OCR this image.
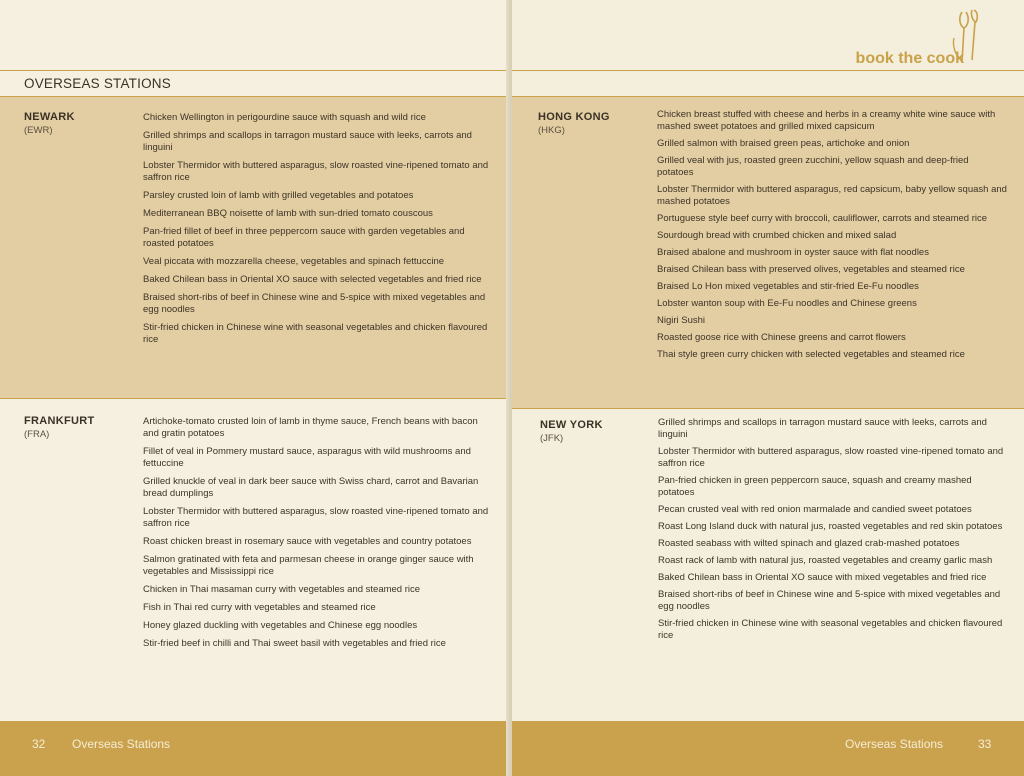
OVERSEAS STATIONS
NEWARK
(EWR)
Chicken Wellington in perigourdine sauce with squash and wild rice
Grilled shrimps and scallops in tarragon mustard sauce with leeks, carrots and linguini
Lobster Thermidor with buttered asparagus, slow roasted vine-ripened tomato and saffron rice
Parsley crusted loin of lamb with grilled vegetables and potatoes
Mediterranean BBQ noisette of lamb with sun-dried tomato couscous
Pan-fried fillet of beef in three peppercorn sauce with garden vegetables and roasted potatoes
Veal piccata with mozzarella cheese, vegetables and spinach fettuccine
Baked Chilean bass in Oriental XO sauce with selected vegetables and fried rice
Braised short-ribs of beef in Chinese wine and 5-spice with mixed vegetables and egg noodles
Stir-fried chicken in Chinese wine with seasonal vegetables and chicken flavoured rice
FRANKFURT
(FRA)
Artichoke-tomato crusted loin of lamb in thyme sauce, French beans with bacon and gratin potatoes
Fillet of veal in Pommery mustard sauce, asparagus with wild mushrooms and fettuccine
Grilled knuckle of veal in dark beer sauce with Swiss chard, carrot and Bavarian bread dumplings
Lobster Thermidor with buttered asparagus, slow roasted vine-ripened tomato and saffron rice
Roast chicken breast in rosemary sauce with vegetables and country potatoes
Salmon gratinated with feta and parmesan cheese in orange ginger sauce with vegetables and Mississippi rice
Chicken in Thai masaman curry with vegetables and steamed rice
Fish in Thai red curry with vegetables and steamed rice
Honey glazed duckling with vegetables and Chinese egg noodles
Stir-fried beef in chilli and Thai sweet basil with vegetables and fried rice
32 Overseas Stations
book the cook
HONG KONG
(HKG)
Chicken breast stuffed with cheese and herbs in a creamy white wine sauce with mashed sweet potatoes and grilled mixed capsicum
Grilled salmon with braised green peas, artichoke and onion
Grilled veal with jus, roasted green zucchini, yellow squash and deep-fried potatoes
Lobster Thermidor with buttered asparagus, red capsicum, baby yellow squash and mashed potatoes
Portuguese style beef curry with broccoli, cauliflower, carrots and steamed rice
Sourdough bread with crumbed chicken and mixed salad
Braised abalone and mushroom in oyster sauce with flat noodles
Braised Chilean bass with preserved olives, vegetables and steamed rice
Braised Lo Hon mixed vegetables and stir-fried Ee-Fu noodles
Lobster wanton soup with Ee-Fu noodles and Chinese greens
Nigiri Sushi
Roasted goose rice with Chinese greens and carrot flowers
Thai style green curry chicken with selected vegetables and steamed rice
NEW YORK
(JFK)
Grilled shrimps and scallops in tarragon mustard sauce with leeks, carrots and linguini
Lobster Thermidor with buttered asparagus, slow roasted vine-ripened tomato and saffron rice
Pan-fried chicken in green peppercorn sauce, squash and creamy mashed potatoes
Pecan crusted veal with red onion marmalade and candied sweet potatoes
Roast Long Island duck with natural jus, roasted vegetables and red skin potatoes
Roasted seabass with wilted spinach and glazed crab-mashed potatoes
Roast rack of lamb with natural jus, roasted vegetables and creamy garlic mash
Baked Chilean bass in Oriental XO sauce with mixed vegetables and fried rice
Braised short-ribs of beef in Chinese wine and 5-spice with mixed vegetables and egg noodles
Stir-fried chicken in Chinese wine with seasonal vegetables and chicken flavoured rice
Overseas Stations	33
